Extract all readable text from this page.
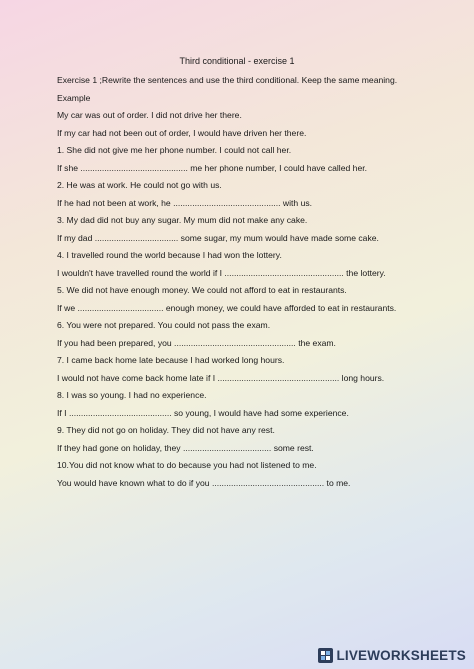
Third conditional - exercise 1
Exercise 1 ;Rewrite the sentences and use the third conditional. Keep the same meaning.
Example
My car was out of order. I did not drive her there.
If my car had not been out of order, I would have driven her there.
1. She did not give me her phone number. I could not call her.
If she ............................................. me her phone number, I could have called her.
2. He was at work. He could not go with us.
If he had not been at work, he ............................................. with us.
3. My dad did not buy any sugar. My mum did not make any cake.
If my dad ................................... some sugar, my mum would have made some cake.
4. I travelled round the world because I had won the lottery.
I wouldn't have travelled round the world if I .................................................. the lottery.
5. We did not have enough money. We could not afford to eat in restaurants.
If we .................................... enough money, we could have afforded to eat in restaurants.
6. You were not prepared. You could not pass the exam.
If you had been prepared, you ................................................... the exam.
7. I came back home late because I had worked long hours.
I would not have come back home late if I ................................................... long hours.
8. I was so young. I had no experience.
If I ........................................... so young, I would have had some experience.
9. They did not go on holiday. They did not have any rest.
If they had gone on holiday, they ..................................... some rest.
10.You did not know what to do because you had not listened to me.
You would have known what to do if you ............................................... to me.
LIVEWORKSHEETS
